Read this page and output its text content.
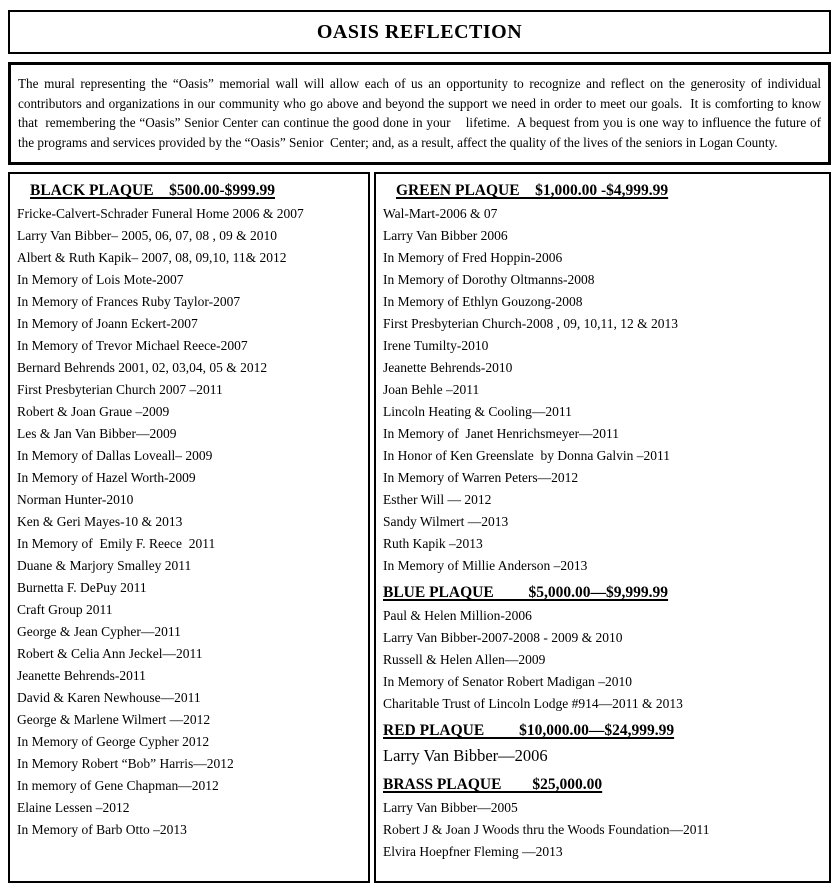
OASIS REFLECTION

The mural representing the “Oasis” memorial wall will allow each of us an opportunity to recognize and reflect on the generosity of individual contributors and organizations in our community who go above and beyond the support we need in order to meet our goals.  It is comforting to know that  remembering the “Oasis” Senior Center can continue the good done in your    lifetime.  A bequest from you is one way to influence the future of the programs and services provided by the “Oasis” Senior  Center; and, as a result, affect the quality of the lives of the seniors in Logan County.

BLACK PLAQUE    $500.00-$999.99
Fricke-Calvert-Schrader Funeral Home 2006 & 2007
Larry Van Bibber– 2005, 06, 07, 08 , 09 & 2010
Albert & Ruth Kapik– 2007, 08, 09,10, 11& 2012
In Memory of Lois Mote-2007
In Memory of Frances Ruby Taylor-2007
In Memory of Joann Eckert-2007
In Memory of Trevor Michael Reece-2007
Bernard Behrends 2001, 02, 03,04, 05 & 2012
First Presbyterian Church 2007 –2011
Robert & Joan Graue –2009
Les & Jan Van Bibber—2009
In Memory of Dallas Loveall– 2009
In Memory of Hazel Worth-2009
Norman Hunter-2010
Ken & Geri Mayes-10 & 2013
In Memory of  Emily F. Reece  2011
Duane & Marjory Smalley 2011
Burnetta F. DePuy 2011
Craft Group 2011
George & Jean Cypher—2011
Robert & Celia Ann Jeckel—2011
Jeanette Behrends-2011
David & Karen Newhouse—2011
George & Marlene Wilmert —2012
In Memory of George Cypher 2012
In Memory Robert “Bob” Harris—2012
In memory of Gene Chapman—2012
Elaine Lessen –2012
In Memory of Barb Otto –2013
GREEN PLAQUE    $1,000.00 -$4,999.99
Wal-Mart-2006 & 07
Larry Van Bibber 2006
In Memory of Fred Hoppin-2006
In Memory of Dorothy Oltmanns-2008
In Memory of Ethlyn Gouzong-2008
First Presbyterian Church-2008 , 09, 10,11, 12 & 2013
Irene Tumilty-2010
Jeanette Behrends-2010
Joan Behle –2011
Lincoln Heating & Cooling—2011
In Memory of  Janet Henrichsmeyer—2011
In Honor of Ken Greenslate  by Donna Galvin –2011
In Memory of Warren Peters—2012
Esther Will — 2012
Sandy Wilmert —2013
Ruth Kapik –2013
In Memory of Millie Anderson –2013
BLUE PLAQUE         $5,000.00—$9,999.99
Paul & Helen Million-2006
Larry Van Bibber-2007-2008 - 2009 & 2010
Russell & Helen Allen—2009
In Memory of Senator Robert Madigan –2010
Charitable Trust of Lincoln Lodge #914—2011 & 2013
RED PLAQUE         $10,000.00—$24,999.99
Larry Van Bibber—2006
BRASS PLAQUE        $25,000.00
Larry Van Bibber—2005
Robert J & Joan J Woods thru the Woods Foundation—2011
Elvira Hoepfner Fleming —2013
